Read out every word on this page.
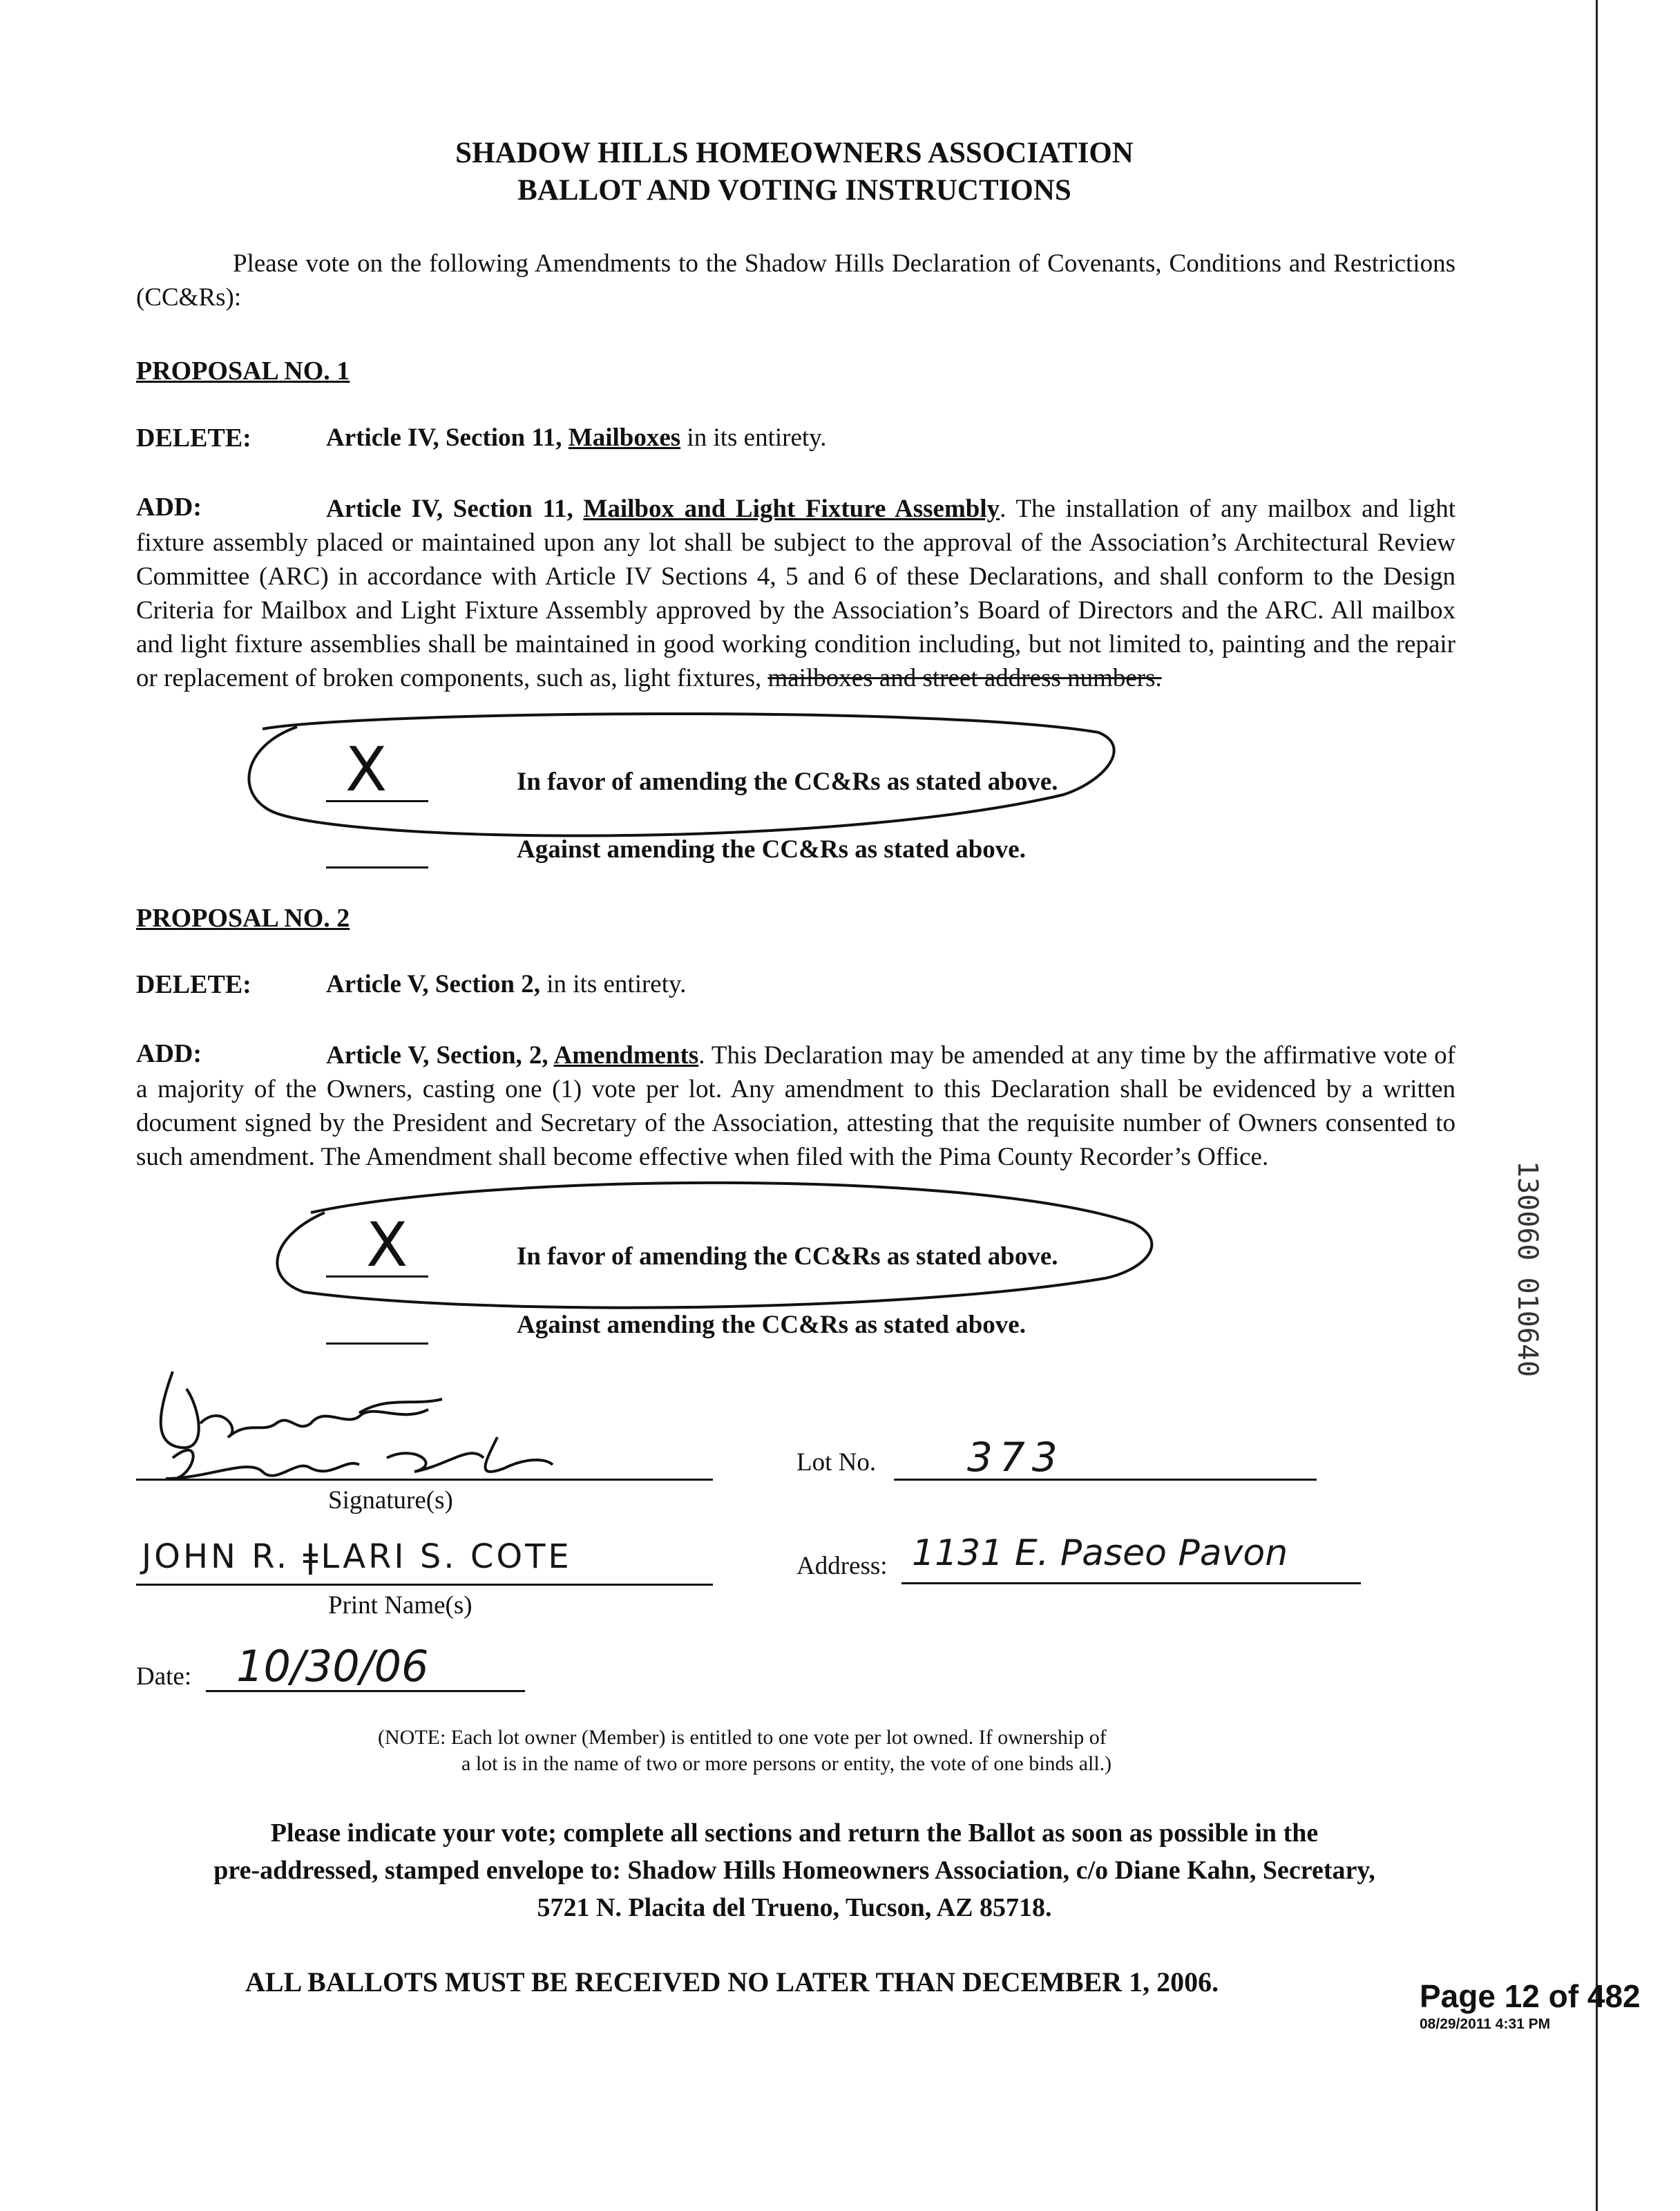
SHADOW HILLS HOMEOWNERS ASSOCIATION
BALLOT AND VOTING INSTRUCTIONS
Please vote on the following Amendments to the Shadow Hills Declaration of Covenants, Conditions and Restrictions (CC&Rs):
PROPOSAL NO. 1
DELETE:	Article IV, Section 11, Mailboxes in its entirety.
ADD:	Article IV, Section 11, Mailbox and Light Fixture Assembly. The installation of any mailbox and light fixture assembly placed or maintained upon any lot shall be subject to the approval of the Association’s Architectural Review Committee (ARC) in accordance with Article IV Sections 4, 5 and 6 of these Declarations, and shall conform to the Design Criteria for Mailbox and Light Fixture Assembly approved by the Association’s Board of Directors and the ARC. All mailbox and light fixture assemblies shall be maintained in good working condition including, but not limited to, painting and the repair or replacement of broken components, such as, light fixtures, mailboxes and street address numbers.
X	In favor of amending the CC&Rs as stated above.
Against amending the CC&Rs as stated above.
PROPOSAL NO. 2
DELETE:	Article V, Section 2, in its entirety.
ADD:	Article V, Section, 2, Amendments. This Declaration may be amended at any time by the affirmative vote of a majority of the Owners, casting one (1) vote per lot. Any amendment to this Declaration shall be evidenced by a written document signed by the President and Secretary of the Association, attesting that the requisite number of Owners consented to such amendment. The Amendment shall become effective when filed with the Pima County Recorder’s Office.
X	In favor of amending the CC&Rs as stated above.
Against amending the CC&Rs as stated above.
Signature(s)
JOHN R. ǂLARI S. COTE
Print Name(s)
Lot No. 373
Address: 1131 E. Paseo Pavon
Date: 10/30/06
(NOTE: Each lot owner (Member) is entitled to one vote per lot owned. If ownership of
a lot is in the name of two or more persons or entity, the vote of one binds all.)
Please indicate your vote; complete all sections and return the Ballot as soon as possible in the
pre-addressed, stamped envelope to: Shadow Hills Homeowners Association, c/o Diane Kahn, Secretary,
5721 N. Placita del Trueno, Tucson, AZ 85718.
ALL BALLOTS MUST BE RECEIVED NO LATER THAN DECEMBER 1, 2006.
130060 010640
Page 12 of 482
08/29/2011 4:31 PM
